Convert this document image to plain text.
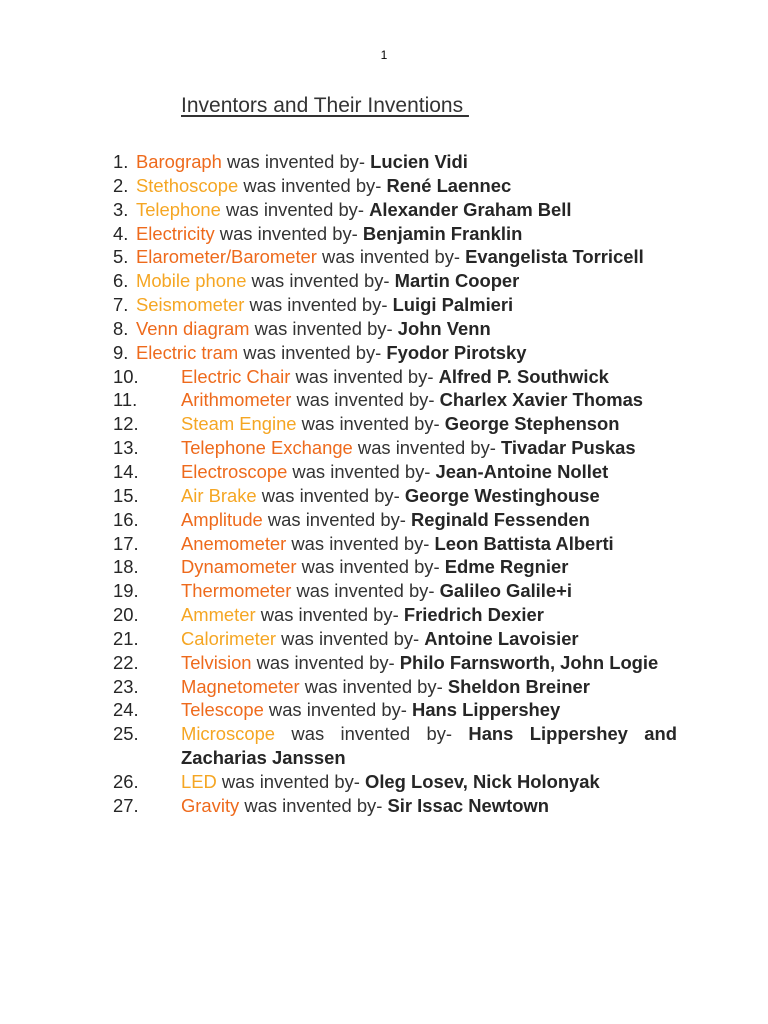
1
Inventors and Their Inventions
1. Barograph was invented by- Lucien Vidi
2. Stethoscope was invented by- René Laennec
3. Telephone was invented by- Alexander Graham Bell
4. Electricity was invented by- Benjamin Franklin
5. Elarometer/Barometer was invented by- Evangelista Torricell
6. Mobile phone was invented by- Martin Cooper
7. Seismometer was invented by- Luigi Palmieri
8. Venn diagram was invented by- John Venn
9. Electric tram was invented by- Fyodor Pirotsky
10. Electric Chair was invented by- Alfred P. Southwick
11. Arithmometer was invented by- Charlex Xavier Thomas
12. Steam Engine was invented by- George Stephenson
13. Telephone Exchange was invented by- Tivadar Puskas
14. Electroscope was invented by- Jean-Antoine Nollet
15. Air Brake was invented by- George Westinghouse
16. Amplitude was invented by- Reginald Fessenden
17. Anemometer was invented by- Leon Battista Alberti
18. Dynamometer was invented by- Edme Regnier
19. Thermometer was invented by- Galileo Galile+i
20. Ammeter was invented by- Friedrich Dexier
21. Calorimeter was invented by- Antoine Lavoisier
22. Telvision was invented by- Philo Farnsworth, John Logie
23. Magnetometer was invented by- Sheldon Breiner
24. Telescope was invented by- Hans Lippershey
25. Microscope was invented by- Hans Lippershey and Zacharias Janssen
26. LED was invented by- Oleg Losev, Nick Holonyak
27. Gravity was invented by- Sir Issac Newtown
